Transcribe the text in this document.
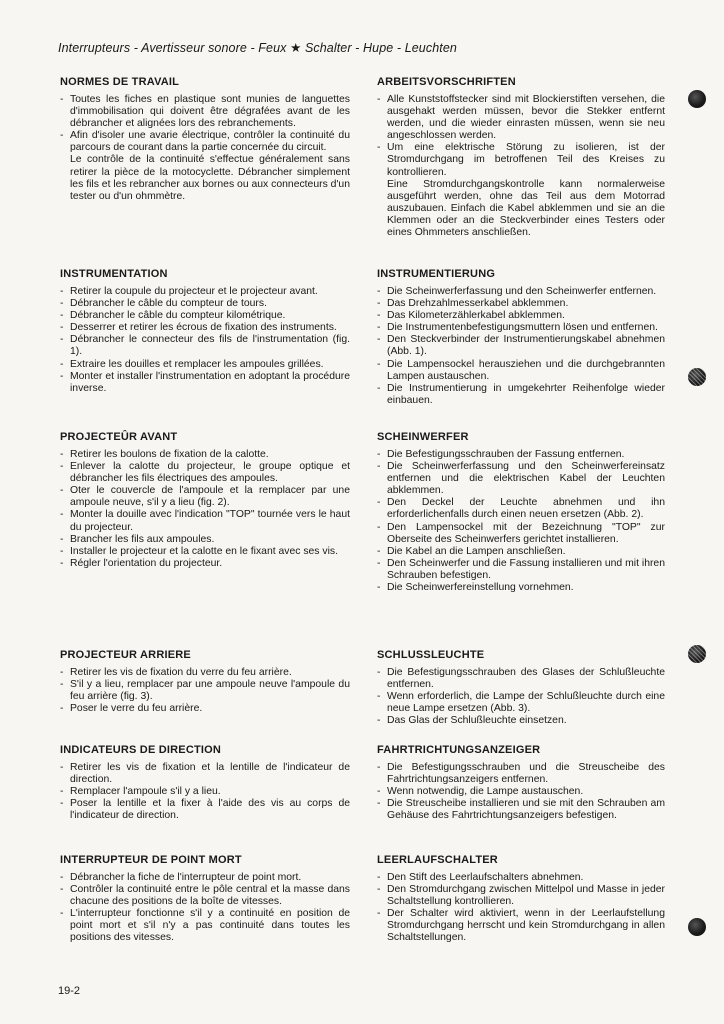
Interrupteurs - Avertisseur sonore - Feux ★ Schalter - Hupe - Leuchten
NORMES DE TRAVAIL
- Toutes les fiches en plastique sont munies de languettes d'immobilisation qui doivent être dégrafées avant de les débrancher et alignées lors des rebranchements.
- Afin d'isoler une avarie électrique, contrôler la continuité du parcours de courant dans la partie concernée du circuit.
Le contrôle de la continuité s'effectue généralement sans retirer la pièce de la motocyclette. Débrancher simplement les fils et les rebrancher aux bornes ou aux connecteurs d'un tester ou d'un ohmmètre.
INSTRUMENTATION
- Retirer la coupule du projecteur et le projecteur avant.
- Débrancher le câble du compteur de tours.
- Débrancher le câble du compteur kilométrique.
- Desserrer et retirer les écrous de fixation des instruments.
- Débrancher le connecteur des fils de l'instrumentation (fig. 1).
- Extraire les douilles et remplacer les ampoules grillées.
- Monter et installer l'instrumentation en adoptant la procédure inverse.
PROJECTEÛR AVANT
- Retirer les boulons de fixation de la calotte.
- Enlever la calotte du projecteur, le groupe optique et débrancher les fils électriques des ampoules.
- Oter le couvercle de l'ampoule et la remplacer par une ampoule neuve, s'il y a lieu (fig. 2).
- Monter la douille avec l'indication "TOP" tournée vers le haut du projecteur.
- Brancher les fils aux ampoules.
- Installer le projecteur et la calotte en le fixant avec ses vis.
- Régler l'orientation du projecteur.
PROJECTEUR ARRIERE
- Retirer les vis de fixation du verre du feu arrière.
- S'il y a lieu, remplacer par une ampoule neuve l'ampoule du feu arrière (fig. 3).
- Poser le verre du feu arrière.
INDICATEURS DE DIRECTION
- Retirer les vis de fixation et la lentille de l'indicateur de direction.
- Remplacer l'ampoule s'il y a lieu.
- Poser la lentille et la fixer à l'aide des vis au corps de l'indicateur de direction.
INTERRUPTEUR DE POINT MORT
- Débrancher la fiche de l'interrupteur de point mort.
- Contrôler la continuité entre le pôle central et la masse dans chacune des positions de la boîte de vitesses.
- L'interrupteur fonctionne s'il y a continuité en position de point mort et s'il n'y a pas continuité dans toutes les positions des vitesses.
ARBEITSVORSCHRIFTEN
- Alle Kunststoffstecker sind mit Blockierstiften versehen, die ausgehakt werden müssen, bevor die Stekker entfernt werden, und die wieder einrasten müssen, wenn sie neu angeschlossen werden.
- Um eine elektrische Störung zu isolieren, ist der Stromdurchgang im betroffenen Teil des Kreises zu kontrollieren.
Eine Stromdurchgangskontrolle kann normalerweise ausgeführt werden, ohne das Teil aus dem Motorrad auszubauen. Einfach die Kabel abklemmen und sie an die Klemmen oder an die Steckverbinder eines Testers oder eines Ohmmeters anschließen.
INSTRUMENTIERUNG
- Die Scheinwerferfassung und den Scheinwerfer entfernen.
- Das Drehzahlmesserkabel abklemmen.
- Das Kilometerzählerkabel abklemmen.
- Die Instrumentenbefestigungsmuttern lösen und entfernen.
- Den Steckverbinder der Instrumentierungskabel abnehmen (Abb. 1).
- Die Lampensockel herausziehen und die durchgebrannten Lampen austauschen.
- Die Instrumentierung in umgekehrter Reihenfolge wieder einbauen.
SCHEINWERFER
- Die Befestigungsschrauben der Fassung entfernen.
- Die Scheinwerferfassung und den Scheinwerfereinsatz entfernen und die elektrischen Kabel der Leuchten abklemmen.
- Den Deckel der Leuchte abnehmen und ihn erforderlichenfalls durch einen neuen ersetzen (Abb. 2).
- Den Lampensockel mit der Bezeichnung "TOP" zur Oberseite des Scheinwerfers gerichtet installieren.
- Die Kabel an die Lampen anschließen.
- Den Scheinwerfer und die Fassung installieren und mit ihren Schrauben befestigen.
- Die Scheinwerfereinstellung vornehmen.
SCHLUSSLEUCHTE
- Die Befestigungsschrauben des Glases der Schlußleuchte entfernen.
- Wenn erforderlich, die Lampe der Schlußleuchte durch eine neue Lampe ersetzen (Abb. 3).
- Das Glas der Schlußleuchte einsetzen.
FAHRTRICHTUNGSANZEIGER
- Die Befestigungsschrauben und die Streuscheibe des Fahrtrichtungsanzeigers entfernen.
- Wenn notwendig, die Lampe austauschen.
- Die Streuscheibe installieren und sie mit den Schrauben am Gehäuse des Fahrtrichtungsanzeigers befestigen.
LEERLAUFSCHALTER
- Den Stift des Leerlaufschalters abnehmen.
- Den Stromdurchgang zwischen Mittelpol und Masse in jeder Schaltstellung kontrollieren.
- Der Schalter wird aktiviert, wenn in der Leerlaufstellung Stromdurchgang herrscht und kein Stromdurchgang in allen Schaltstellungen.
19-2
